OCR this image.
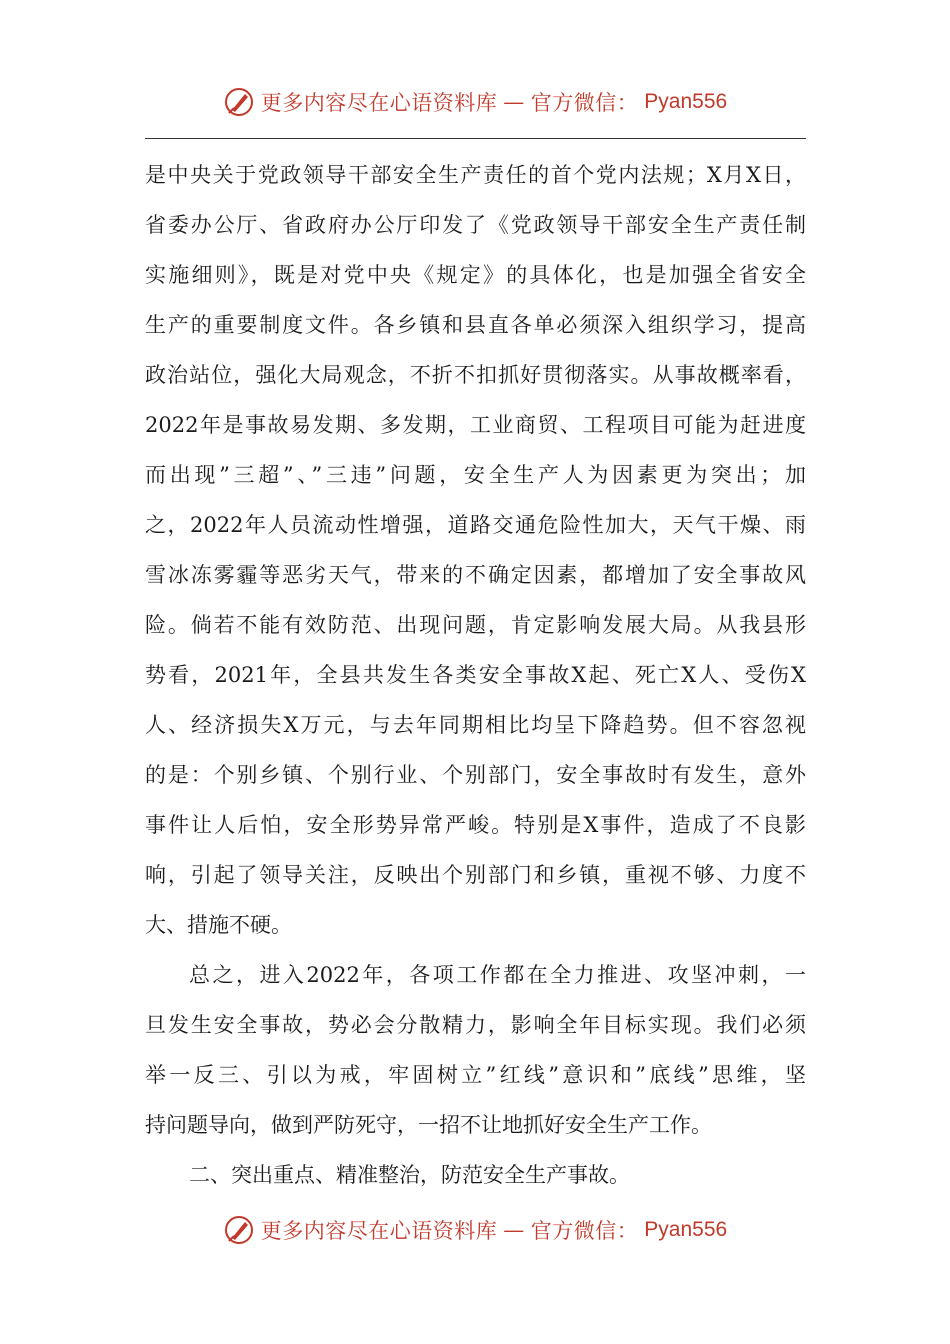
更多内容尽在心语资料库 — 官方微信： Pyan556
是中央关于党政领导干部安全生产责任的首个党内法规；X月X日，
省委办公厅、省政府办公厅印发了《党政领导干部安全生产责任制
实施细则》，既是对党中央《规定》的具体化，也是加强全省安全
生产的重要制度文件。各乡镇和县直各单必须深入组织学习，提高
政治站位，强化大局观念，不折不扣抓好贯彻落实。从事故概率看，
2022年是事故易发期、多发期，工业商贸、工程项目可能为赶进度
而出现”三超”、”三违”问题，安全生产人为因素更为突出；加
之，2022年人员流动性增强，道路交通危险性加大，天气干燥、雨
雪冰冻雾霾等恶劣天气，带来的不确定因素，都增加了安全事故风
险。倘若不能有效防范、出现问题，肯定影响发展大局。从我县形
势看，2021年，全县共发生各类安全事故X起、死亡X人、受伤X
人、经济损失X万元，与去年同期相比均呈下降趋势。但不容忽视
的是：个别乡镇、个别行业、个别部门，安全事故时有发生，意外
事件让人后怕，安全形势异常严峻。特别是X事件，造成了不良影
响，引起了领导关注，反映出个别部门和乡镇，重视不够、力度不
大、措施不硬。
总之，进入2022年，各项工作都在全力推进、攻坚冲刺，一
旦发生安全事故，势必会分散精力，影响全年目标实现。我们必须
举一反三、引以为戒，牢固树立”红线”意识和”底线”思维，坚
持问题导向，做到严防死守，一招不让地抓好安全生产工作。
二、突出重点、精准整治，防范安全生产事故。
更多内容尽在心语资料库 — 官方微信： Pyan556
